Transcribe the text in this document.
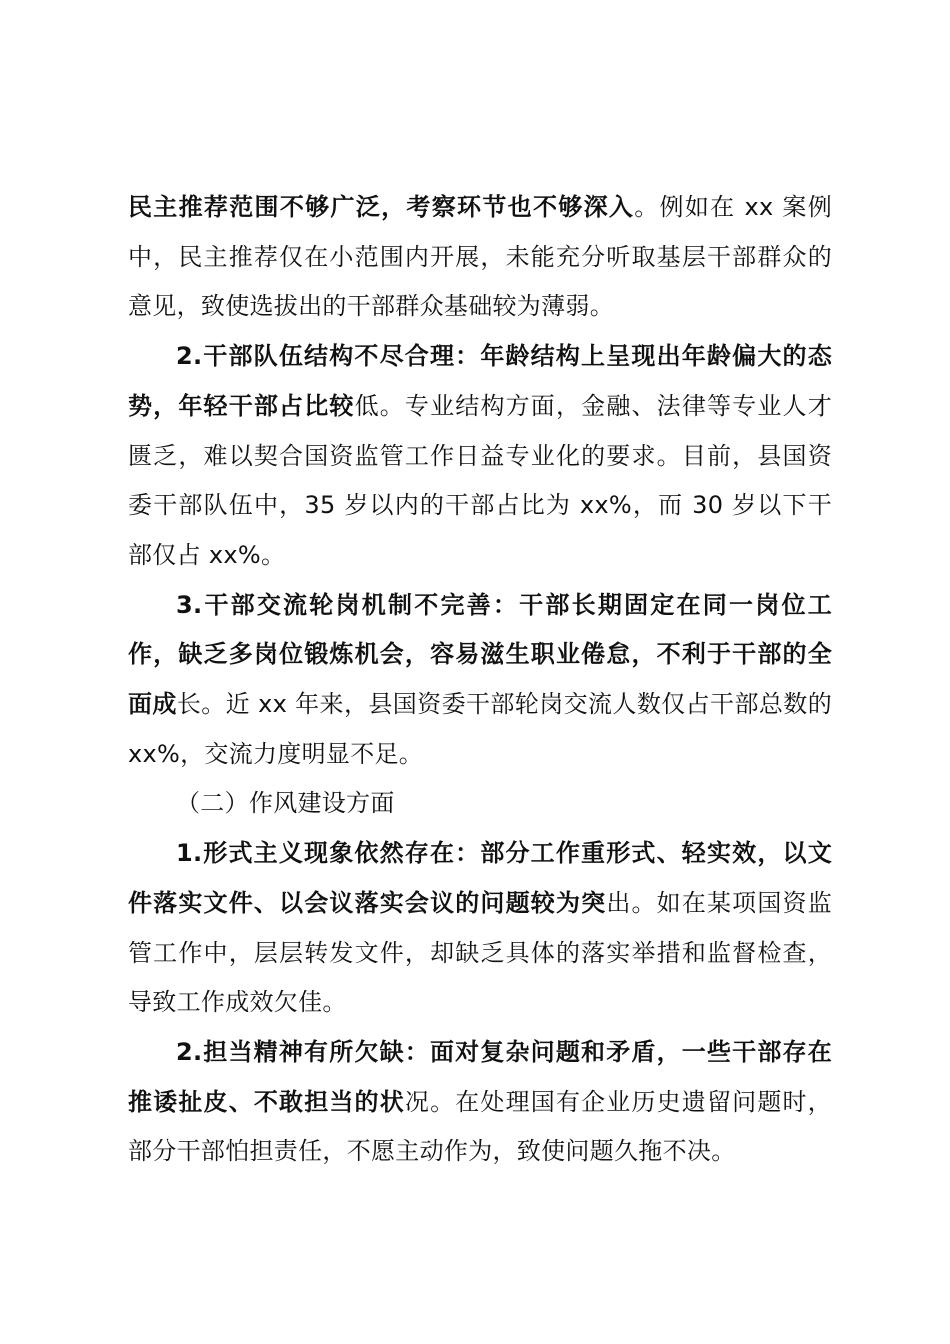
民主推荐范围不够广泛，考察环节也不够深入。例如在 xx 案例中，民主推荐仅在小范围内开展，未能充分听取基层干部群众的意见，致使选拔出的干部群众基础较为薄弱。

2.干部队伍结构不尽合理：年龄结构上呈现出年龄偏大的态势，年轻干部占比较低。专业结构方面，金融、法律等专业人才匮乏，难以契合国资监管工作日益专业化的要求。目前，县国资委干部队伍中，35 岁以内的干部占比为 xx%，而 30 岁以下干部仅占 xx%。

3.干部交流轮岗机制不完善：干部长期固定在同一岗位工作，缺乏多岗位锻炼机会，容易滋生职业倦怠，不利于干部的全面成长。近 xx 年来，县国资委干部轮岗交流人数仅占干部总数的 xx%，交流力度明显不足。

（二）作风建设方面

1.形式主义现象依然存在：部分工作重形式、轻实效，以文件落实文件、以会议落实会议的问题较为突出。如在某项国资监管工作中，层层转发文件，却缺乏具体的落实举措和监督检查，导致工作成效欠佳。

2.担当精神有所欠缺：面对复杂问题和矛盾，一些干部存在推诿扯皮、不敢担当的状况。在处理国有企业历史遗留问题时，部分干部怕担责任，不愿主动作为，致使问题久拖不决。
